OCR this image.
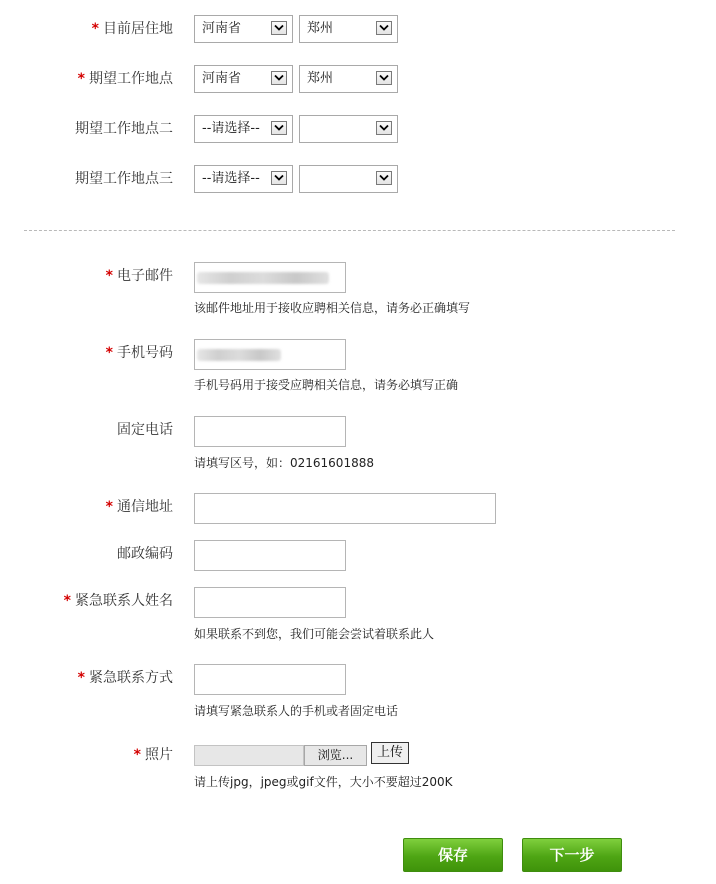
* 目前居住地	河南省	郑州
* 期望工作地点	河南省	郑州
期望工作地点二	--请选择--
期望工作地点三	--请选择--
* 电子邮件
该邮件地址用于接收应聘相关信息，请务必正确填写
* 手机号码
手机号码用于接受应聘相关信息，请务必填写正确
固定电话
请填写区号，如：02161601888
* 通信地址
邮政编码
* 紧急联系人姓名
如果联系不到您，我们可能会尝试着联系此人
* 紧急联系方式
请填写紧急联系人的手机或者固定电话
* 照片	浏览...	上传
请上传jpg，jpeg或gif文件，大小不要超过200K
保存	下一步
